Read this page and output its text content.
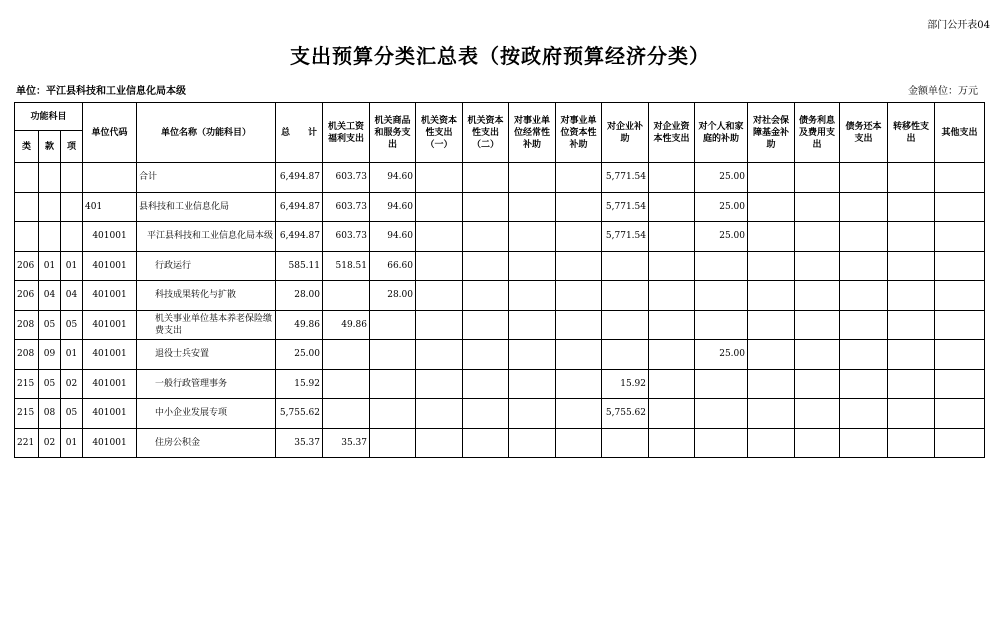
部门公开表04
支出预算分类汇总表（按政府预算经济分类）
单位：平江县科技和工业信息化局本级	金额单位：万元
功能科目			单位代码	单位名称（功能科目）	总　　计	机关工资福利支出	机关商品和服务支出	机关资本性支出（一）	机关资本性支出（二）	对事业单位经常性补助	对事业单位资本性补助	对企业补助	对企业资本性支出	对个人和家庭的补助	对社会保障基金补助	债务利息及费用支出	债务还本支出	转移性支出	其他支出
类	款	项																	
				合计	6,494.87	603.73	94.60					5,771.54		25.00					
			401	县科技和工业信息化局	6,494.87	603.73	94.60					5,771.54		25.00					
			401001	平江县科技和工业信息化局本级	6,494.87	603.73	94.60					5,771.54		25.00					
206	01	01	401001	行政运行	585.11	518.51	66.60												
206	04	04	401001	科技成果转化与扩散	28.00		28.00												
208	05	05	401001	机关事业单位基本养老保险缴费支出	49.86	49.86													
208	09	01	401001	退役士兵安置	25.00									25.00					
215	05	02	401001	一般行政管理事务	15.92							15.92							
215	08	05	401001	中小企业发展专项	5,755.62							5,755.62							
221	02	01	401001	住房公积金	35.37	35.37													
